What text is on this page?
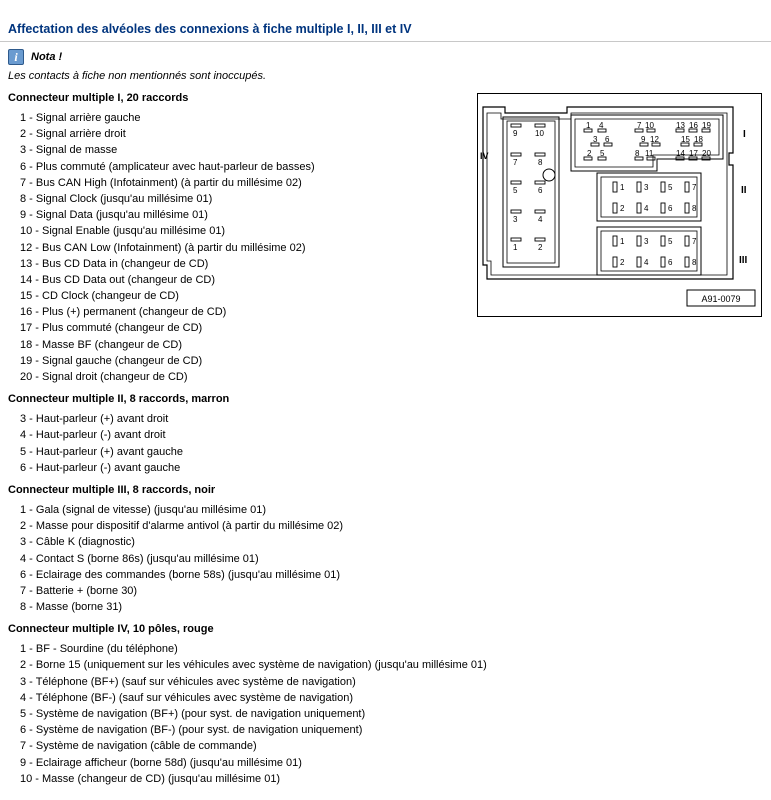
Affectation des alvéoles des connexions à fiche multiple I, II, III et IV
i	Nota !
Les contacts à fiche non mentionnés sont inoccupés.
Connecteur multiple I, 20 raccords
1 - Signal arrière gauche
2 - Signal arrière droit
3 - Signal de masse
6 - Plus commuté (amplicateur avec haut-parleur de basses)
7 - Bus CAN High (Infotainment) (à partir du millésime 02)
8 - Signal Clock (jusqu'au millésime 01)
9 - Signal Data (jusqu'au millésime 01)
10 - Signal Enable (jusqu'au millésime 01)
12 - Bus CAN Low (Infotainment) (à partir du millésime 02)
13 - Bus CD Data in (changeur de CD)
14 - Bus CD Data out (changeur de CD)
15 - CD Clock (changeur de CD)
16 - Plus (+) permanent (changeur de CD)
17 - Plus commuté (changeur de CD)
18 - Masse BF (changeur de CD)
19 - Signal gauche (changeur de CD)
20 - Signal droit (changeur de CD)
Connecteur multiple II, 8 raccords, marron
3 - Haut-parleur (+) avant droit
4 - Haut-parleur (-) avant droit
5 - Haut-parleur (+) avant gauche
6 - Haut-parleur (-) avant gauche
Connecteur multiple III, 8 raccords, noir
1 - Gala (signal de vitesse) (jusqu'au millésime 01)
2 - Masse pour dispositif d'alarme antivol (à partir du millésime 02)
3 - Câble K (diagnostic)
4 - Contact S (borne 86s) (jusqu'au millésime 01)
6 - Eclairage des commandes (borne 58s) (jusqu'au millésime 01)
7 - Batterie + (borne 30)
8 - Masse (borne 31)
Connecteur multiple IV, 10 pôles, rouge
1 - BF - Sourdine (du téléphone)
2 - Borne 15 (uniquement sur les véhicules avec système de navigation) (jusqu'au millésime 01)
3 - Téléphone (BF+) (sauf sur véhicules avec système de navigation)
4 - Téléphone (BF-) (sauf sur véhicules avec système de navigation)
5 - Système de navigation (BF+) (pour syst. de navigation uniquement)
6 - Système de navigation (BF-) (pour syst. de navigation uniquement)
7 - Système de navigation (câble de commande)
9 - Eclairage afficheur (borne 58d) (jusqu'au millésime 01)
10 - Masse (changeur de CD) (jusqu'au millésime 01)
I
II
III
IV
1 4	7 10	13 16 19
3 6	9 12	15 18
2 5	8 11	14 17 20
9 10
7	8
5	6
3	4
1	2
1 3 5 7
2 4 6 8
1 3 5 7
2 4 6 8
A91-0079
